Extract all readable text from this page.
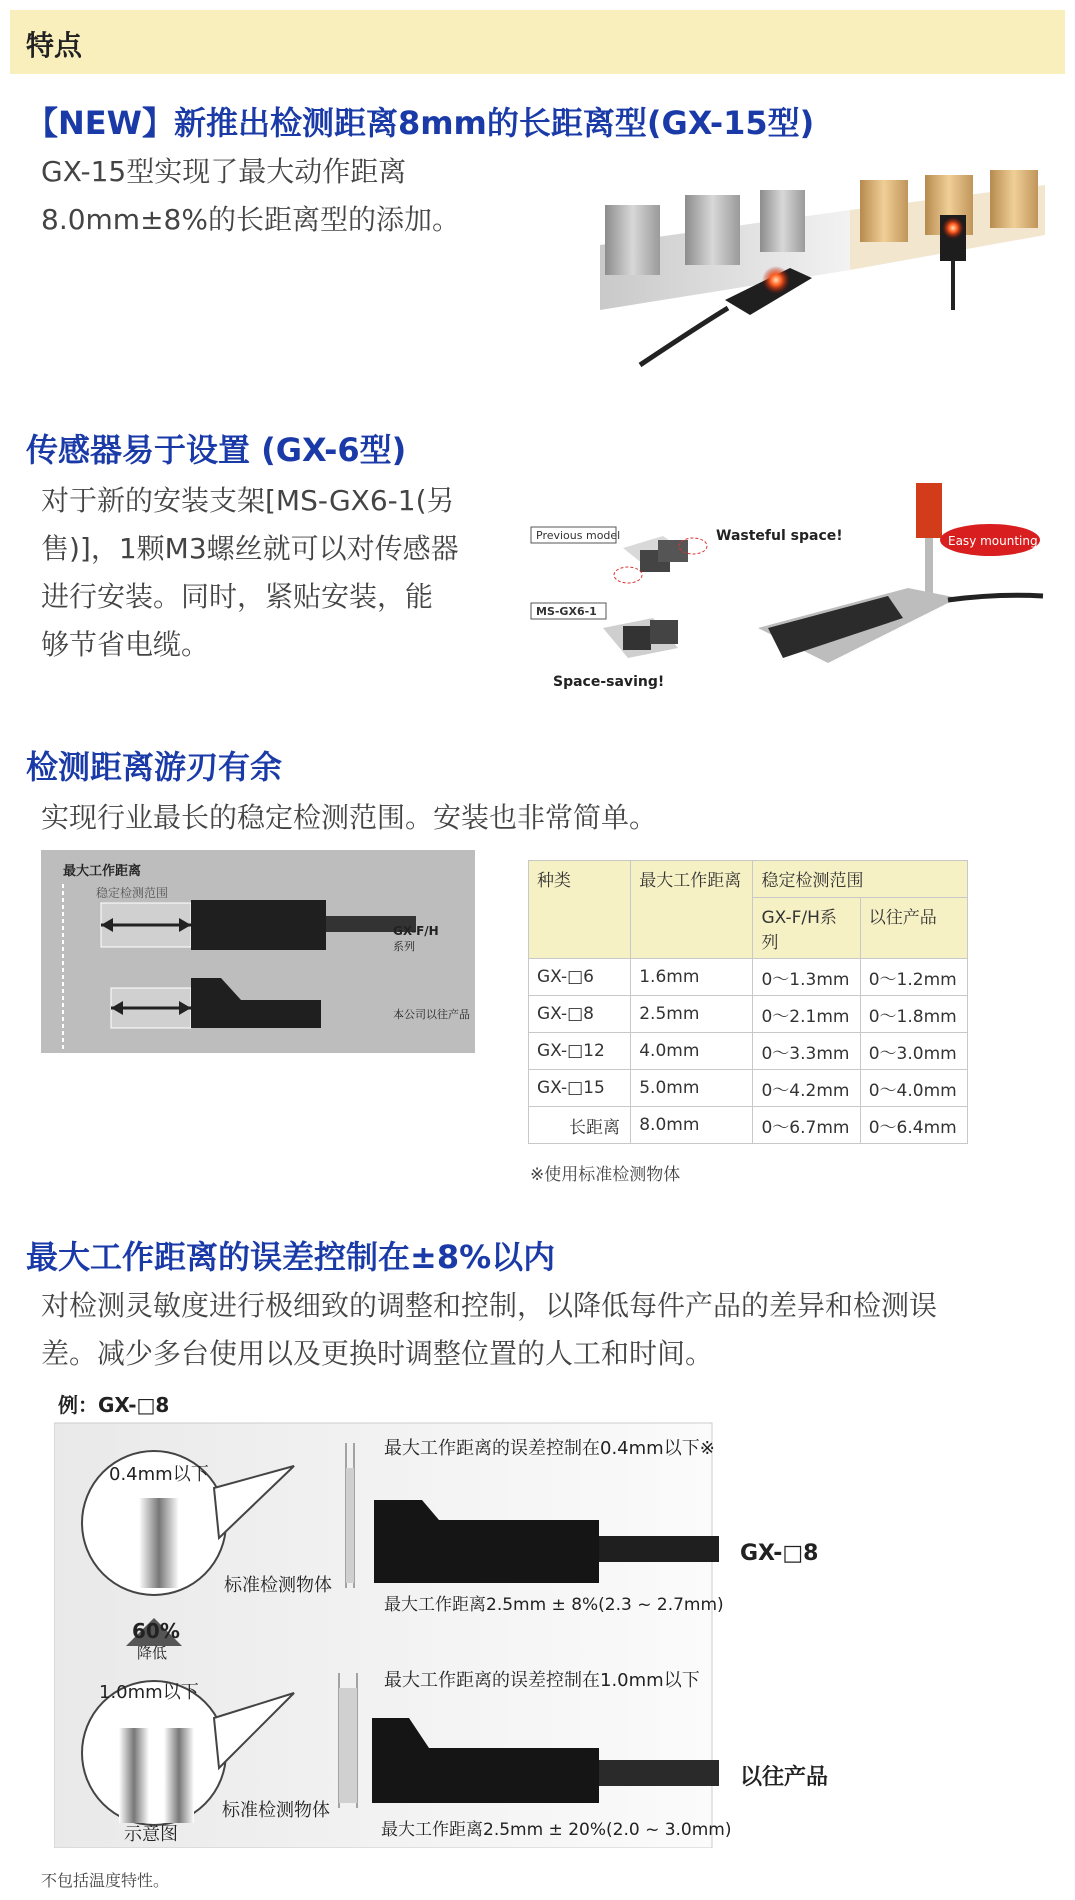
特点
【NEW】新推出检测距离8mm的长距离型(GX-15型)

GX-15型实现了最大动作距离

8.0mm±8%的长距离型的添加。

传感器易于设置 (GX-6型)

对于新的安装支架[MS-GX6-1(另

售)]，1颗M3螺丝就可以对传感器

进行安装。同时，紧贴安装，能

够节省电缆。

Previous model	Wasteful space!
MS-GX6-1
Space-saving!
Easy mounting
检测距离游刃有余

实现行业最长的稳定检测范围。安装也非常简单。

最大工作距离
稳定检测范围
GX-F/H
系列
本公司以往产品
种类	最大工作距离	稳定检测范围	
		GX-F/H系列	以往产品
GX-□6	1.6mm	0～1.3mm	0～1.2mm
GX-□8	2.5mm	0～2.1mm	0～1.8mm
GX-□12	4.0mm	0～3.3mm	0～3.0mm
GX-□15	5.0mm	0～4.2mm	0～4.0mm
长距离	8.0mm	0～6.7mm	0～6.4mm
※使用标准检测物体
最大工作距离的误差控制在±8%以内

对检测灵敏度进行极细致的调整和控制，以降低每件产品的差异和检测误

差。减少多台使用以及更换时调整位置的人工和时间。

例：GX-□8
0.4mm以下
最大工作距离的误差控制在0.4mm以下※
GX-□8
标准检测物体
最大工作距离2.5mm ± 8%(2.3 ~ 2.7mm)
60%
降低
1.0mm以下
最大工作距离的误差控制在1.0mm以下
以往产品
标准检测物体
最大工作距离2.5mm ± 20%(2.0 ~ 3.0mm)
示意图
不包括温度特性。
